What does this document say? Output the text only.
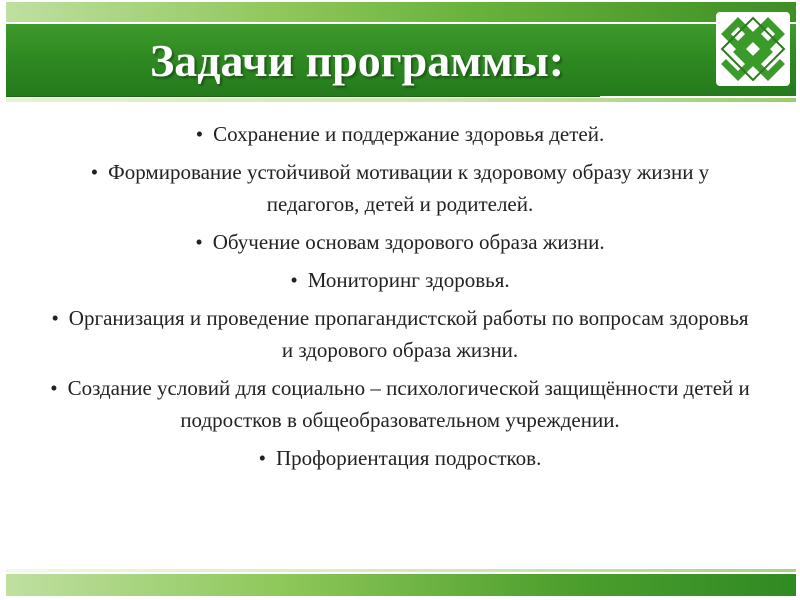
Задачи программы:
• Сохранение и поддержание здоровья детей.
• Формирование устойчивой мотивации к здоровому образу жизни у педагогов, детей и родителей.
• Обучение основам здорового образа жизни.
• Мониторинг здоровья.
• Организация и проведение пропагандистской работы по вопросам здоровья и здорового образа жизни.
• Создание условий для социально – психологической защищённости детей и подростков в общеобразовательном учреждении.
• Профориентация подростков.
